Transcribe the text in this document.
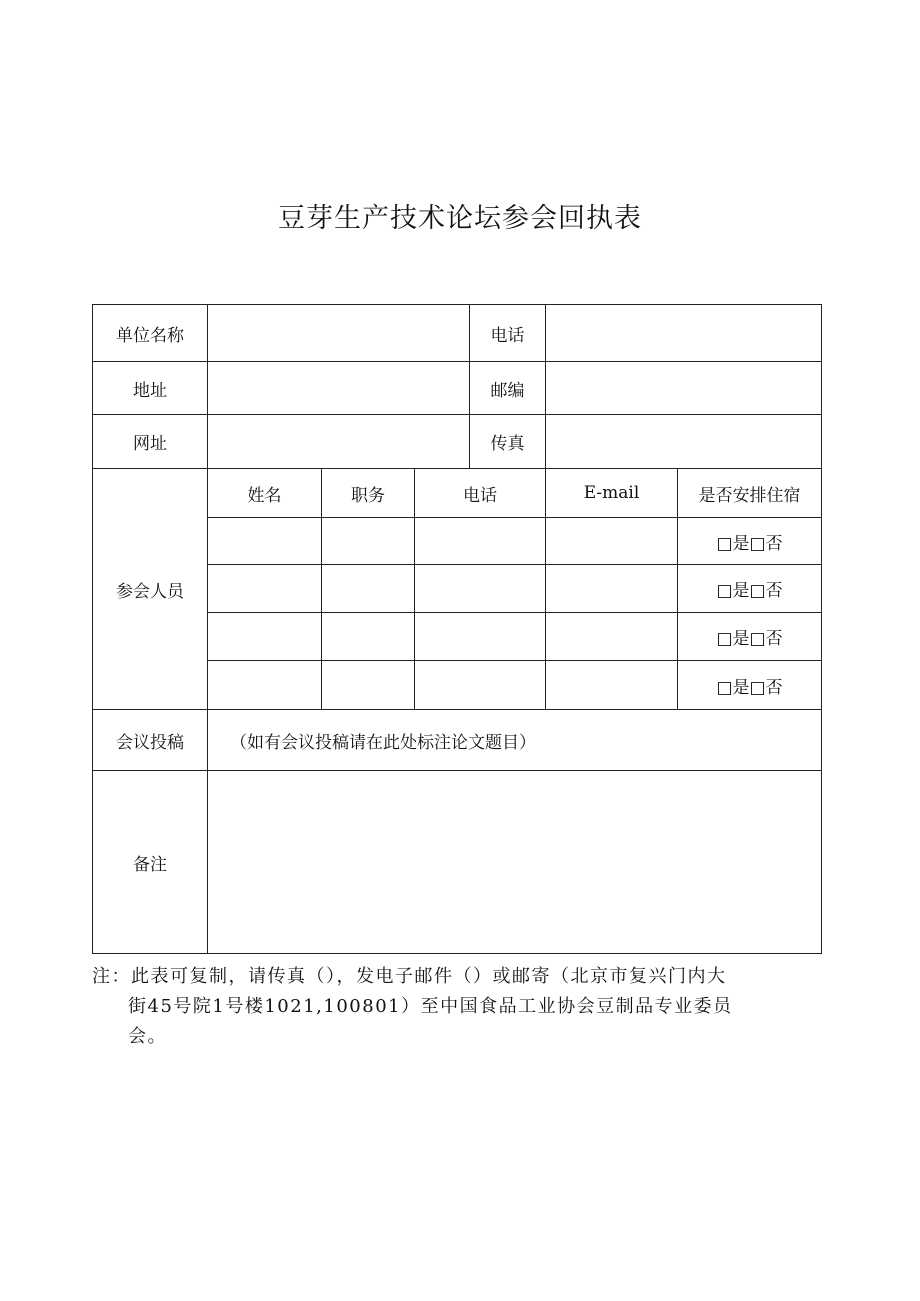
豆芽生产技术论坛参会回执表
单位名称				电话		
地址				邮编		
网址				传真		
参会人员	姓名	职务	电话		E-mail	是否安排住宿
						□是□否
						□是□否
						□是□否
						□是□否
会议投稿	（如有会议投稿请在此处标注论文题目）					
备注						
注：此表可复制，请传真（），发电子邮件（）或邮寄（北京市复兴门内大
街45号院1号楼1021,100801）至中国食品工业协会豆制品专业委员
会。
